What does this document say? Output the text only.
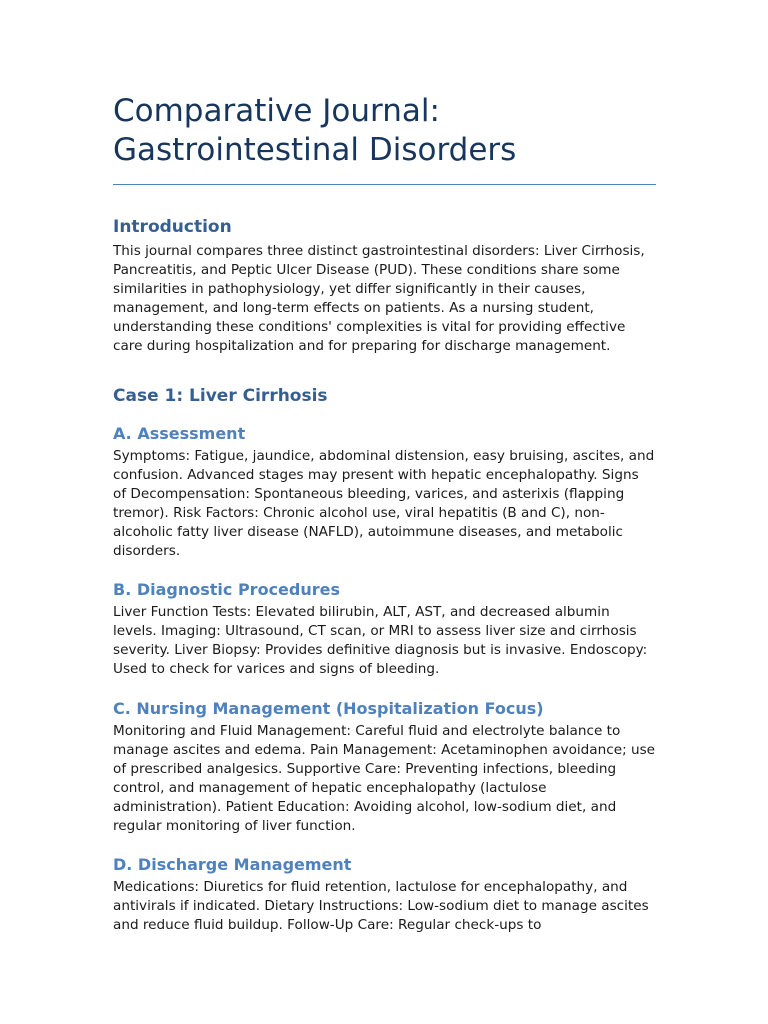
Comparative Journal:
Gastrointestinal Disorders
Introduction

This journal compares three distinct gastrointestinal disorders: Liver Cirrhosis, Pancreatitis, and Peptic Ulcer Disease (PUD). These conditions share some similarities in pathophysiology, yet differ significantly in their causes, management, and long-term effects on patients. As a nursing student, understanding these conditions' complexities is vital for providing effective care during hospitalization and for preparing for discharge management.

Case 1: Liver Cirrhosis
A. Assessment

Symptoms: Fatigue, jaundice, abdominal distension, easy bruising, ascites, and confusion. Advanced stages may present with hepatic encephalopathy. Signs of Decompensation: Spontaneous bleeding, varices, and asterixis (flapping tremor). Risk Factors: Chronic alcohol use, viral hepatitis (B and C), non-alcoholic fatty liver disease (NAFLD), autoimmune diseases, and metabolic disorders.

B. Diagnostic Procedures

Liver Function Tests: Elevated bilirubin, ALT, AST, and decreased albumin levels. Imaging: Ultrasound, CT scan, or MRI to assess liver size and cirrhosis severity. Liver Biopsy: Provides definitive diagnosis but is invasive. Endoscopy: Used to check for varices and signs of bleeding.

C. Nursing Management (Hospitalization Focus)

Monitoring and Fluid Management: Careful fluid and electrolyte balance to manage ascites and edema. Pain Management: Acetaminophen avoidance; use of prescribed analgesics. Supportive Care: Preventing infections, bleeding control, and management of hepatic encephalopathy (lactulose administration). Patient Education: Avoiding alcohol, low-sodium diet, and regular monitoring of liver function.

D. Discharge Management

Medications: Diuretics for fluid retention, lactulose for encephalopathy, and antivirals if indicated. Dietary Instructions: Low-sodium diet to manage ascites and reduce fluid buildup. Follow-Up Care: Regular check-ups to
